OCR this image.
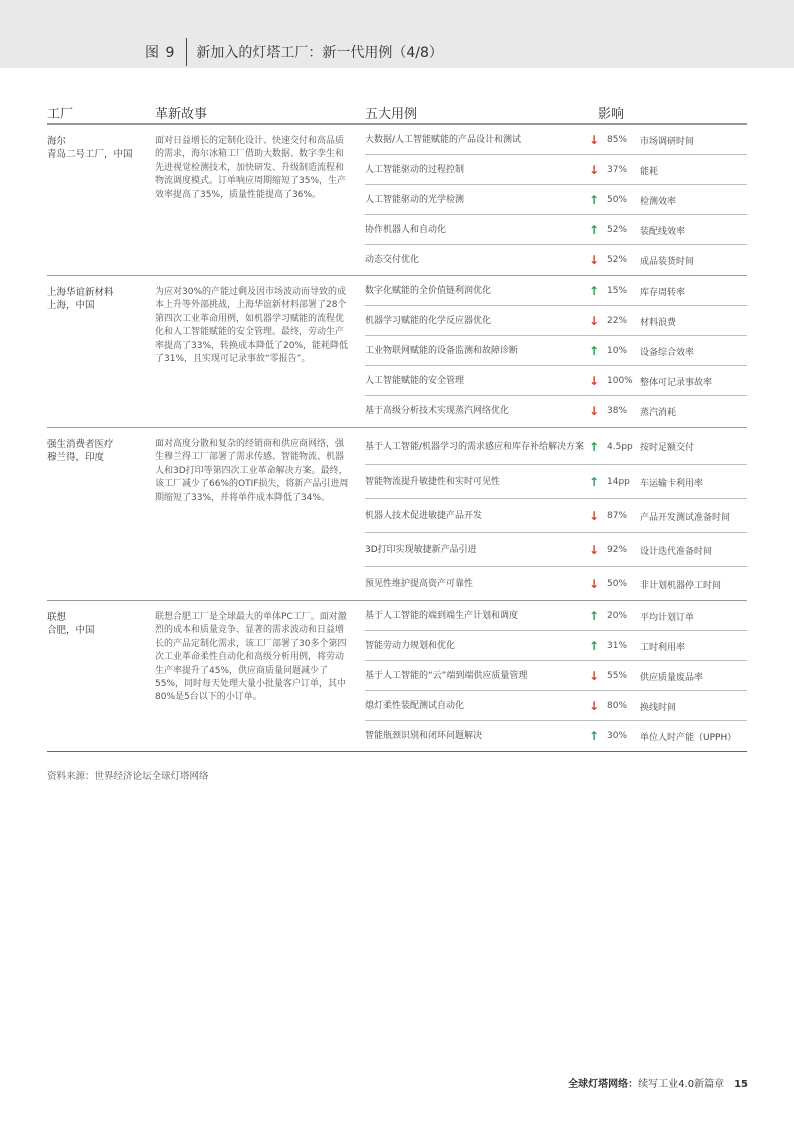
图 9 新加入的灯塔工厂：新一代用例（4/8）
工厂	革新故事	五大用例	影响
海尔
青岛二号工厂，中国
面对日益增长的定制化设计、快速交付和高品质的需求，海尔冰箱工厂借助大数据、数字孪生和先进视觉检测技术，加快研发、升级制造流程和物流调度模式。订单响应周期缩短了35%，生产效率提高了35%，质量性能提高了36%。
大数据/人工智能赋能的产品设计和测试	↓ 85%	市场调研时间
人工智能驱动的过程控制	↓ 37%	能耗
人工智能驱动的光学检测	↑ 50%	检测效率
协作机器人和自动化	↑ 52%	装配线效率
动态交付优化	↓ 52%	成品装货时间
上海华谊新材料
上海，中国
为应对30%的产能过剩及因市场波动而导致的成本上升等外部挑战，上海华谊新材料部署了28个第四次工业革命用例，如机器学习赋能的流程优化和人工智能赋能的安全管理。最终，劳动生产率提高了33%，转换成本降低了20%，能耗降低了31%，且实现可记录事故“零报告”。
数字化赋能的全价值链利润优化	↑ 15%	库存周转率
机器学习赋能的化学反应器优化	↓ 22%	材料浪费
工业物联网赋能的设备监测和故障诊断	↑ 10%	设备综合效率
人工智能赋能的安全管理	↓ 100% 整体可记录事故率
基于高级分析技术实现蒸汽网络优化	↓ 38%	蒸汽消耗
强生消费者医疗
穆兰得，印度
面对高度分散和复杂的经销商和供应商网络，强生穆兰得工厂部署了需求传感、智能物流、机器人和3D打印等第四次工业革命解决方案。最终，该工厂减少了66%的OTIF损失，将新产品引进周期缩短了33%，并将单件成本降低了34%。
基于人工智能/机器学习的需求感应和库存补给解决方案 ↑ 4.5pp 按时足额交付
智能物流提升敏捷性和实时可见性	↑ 14pp	车运输卡利用率
机器人技术促进敏捷产品开发	↓ 87%	产品开发测试准备时间
3D打印实现敏捷新产品引进	↓ 92%	设计迭代准备时间
预见性维护提高资产可靠性	↓ 50%	非计划机器停工时间
联想
合肥，中国
联想合肥工厂是全球最大的单体PC工厂。面对激烈的成本和质量竞争、显著的需求波动和日益增长的产品定制化需求，该工厂部署了30多个第四次工业革命柔性自动化和高级分析用例，将劳动生产率提升了45%，供应商质量问题减少了55%，同时每天处理大量小批量客户订单，其中80%是5台以下的小订单。
基于人工智能的端到端生产计划和调度	↑ 20%	平均计划订单
智能劳动力规划和优化	↑ 31%	工时利用率
基于人工智能的“云”端到端供应质量管理	↓ 55%	供应质量废品率
熄灯柔性装配测试自动化	↓ 80%	换线时间
智能瓶颈识别和闭环问题解决	↑ 30%	单位人时产能（UPPH）
资料来源：世界经济论坛全球灯塔网络
全球灯塔网络： 续写工业4.0新篇章 15
